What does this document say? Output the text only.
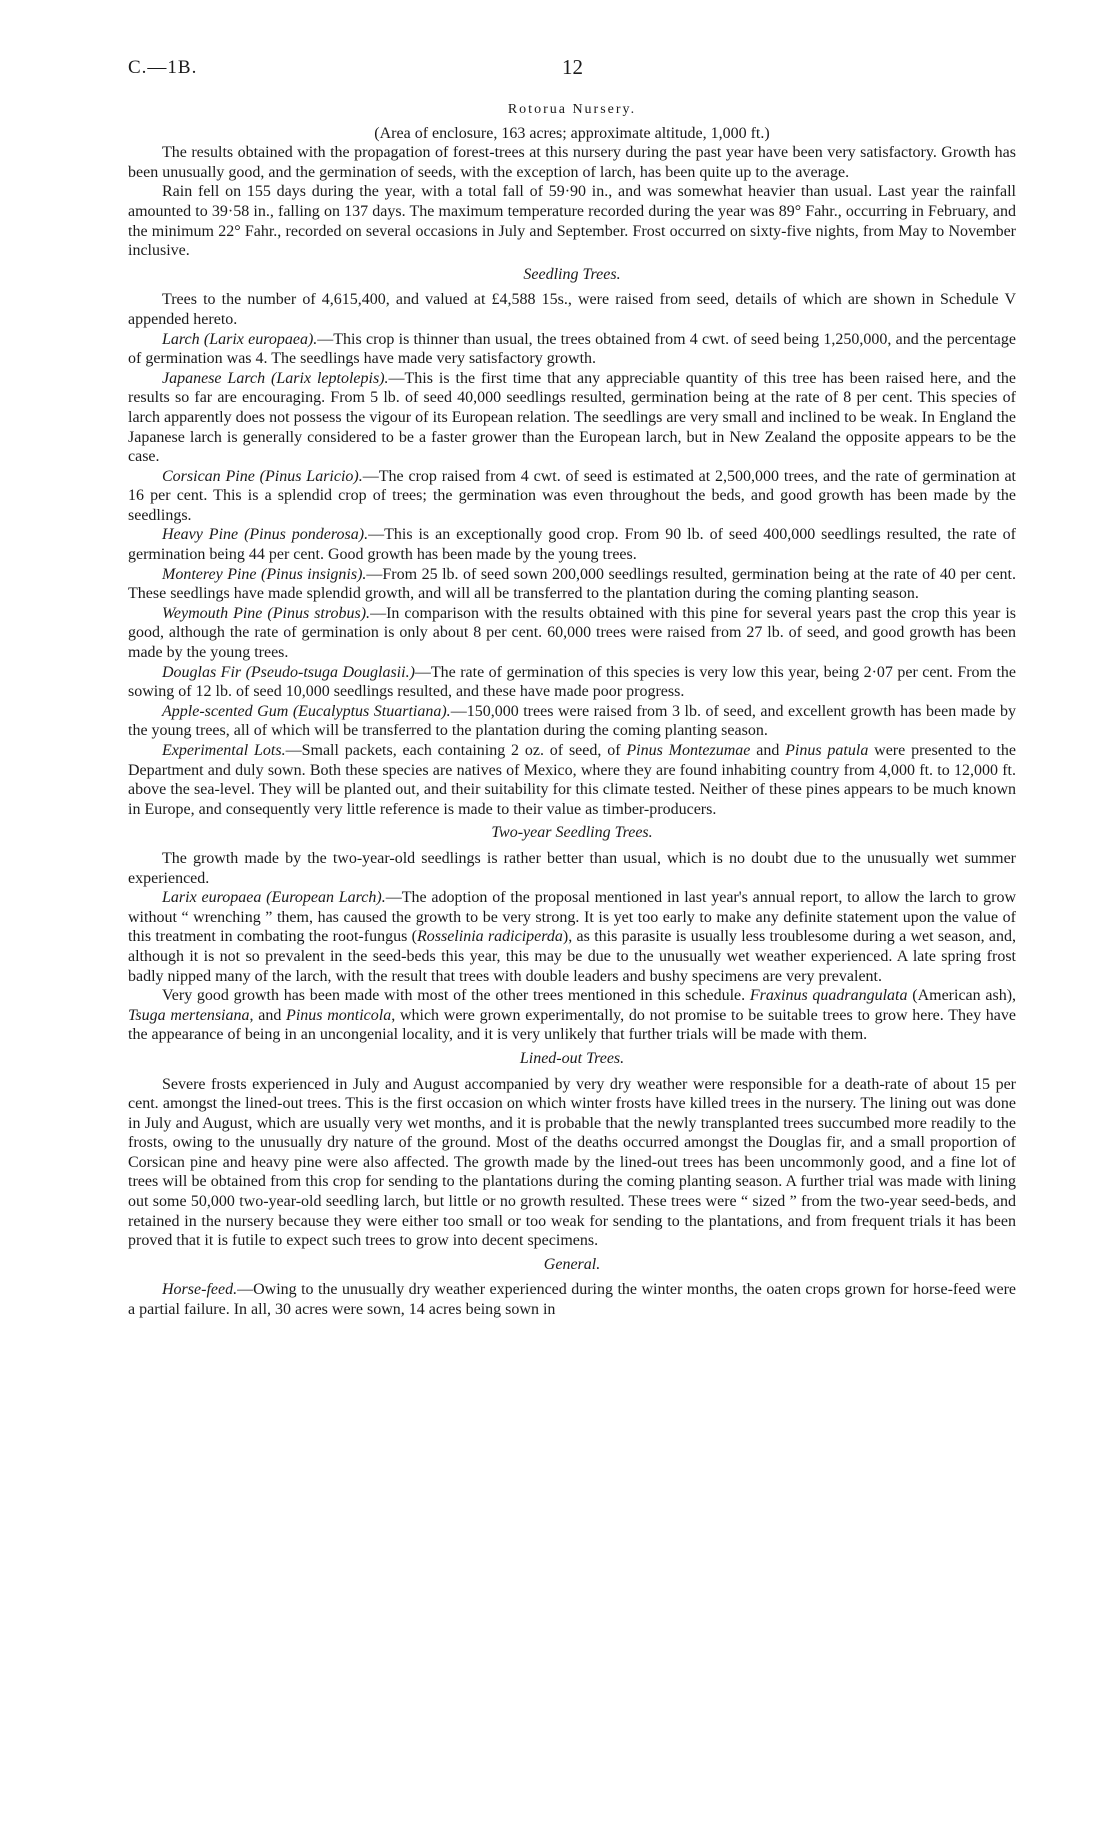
C.—1B.	12
Rotorua Nursery.
(Area of enclosure, 163 acres; approximate altitude, 1,000 ft.)

The results obtained with the propagation of forest-trees at this nursery during the past year have been very satisfactory. Growth has been unusually good, and the germination of seeds, with the exception of larch, has been quite up to the average.

Rain fell on 155 days during the year, with a total fall of 59·90 in., and was somewhat heavier than usual. Last year the rainfall amounted to 39·58 in., falling on 137 days. The maximum temperature recorded during the year was 89° Fahr., occurring in February, and the minimum 22° Fahr., recorded on several occasions in July and September. Frost occurred on sixty-five nights, from May to November inclusive.

Seedling Trees.

Trees to the number of 4,615,400, and valued at £4,588 15s., were raised from seed, details of which are shown in Schedule V appended hereto.

Larch (Larix europaea).—This crop is thinner than usual, the trees obtained from 4 cwt. of seed being 1,250,000, and the percentage of germination was 4. The seedlings have made very satisfactory growth.

Japanese Larch (Larix leptolepis).—This is the first time that any appreciable quantity of this tree has been raised here, and the results so far are encouraging. From 5 lb. of seed 40,000 seedlings resulted, germination being at the rate of 8 per cent. This species of larch apparently does not possess the vigour of its European relation. The seedlings are very small and inclined to be weak. In England the Japanese larch is generally considered to be a faster grower than the European larch, but in New Zealand the opposite appears to be the case.

Corsican Pine (Pinus Laricio).—The crop raised from 4 cwt. of seed is estimated at 2,500,000 trees, and the rate of germination at 16 per cent. This is a splendid crop of trees; the germination was even throughout the beds, and good growth has been made by the seedlings.

Heavy Pine (Pinus ponderosa).—This is an exceptionally good crop. From 90 lb. of seed 400,000 seedlings resulted, the rate of germination being 44 per cent. Good growth has been made by the young trees.

Monterey Pine (Pinus insignis).—From 25 lb. of seed sown 200,000 seedlings resulted, germination being at the rate of 40 per cent. These seedlings have made splendid growth, and will all be transferred to the plantation during the coming planting season.

Weymouth Pine (Pinus strobus).—In comparison with the results obtained with this pine for several years past the crop this year is good, although the rate of germination is only about 8 per cent. 60,000 trees were raised from 27 lb. of seed, and good growth has been made by the young trees.

Douglas Fir (Pseudo-tsuga Douglasii.)—The rate of germination of this species is very low this year, being 2·07 per cent. From the sowing of 12 lb. of seed 10,000 seedlings resulted, and these have made poor progress.

Apple-scented Gum (Eucalyptus Stuartiana).—150,000 trees were raised from 3 lb. of seed, and excellent growth has been made by the young trees, all of which will be transferred to the plantation during the coming planting season.

Experimental Lots.—Small packets, each containing 2 oz. of seed, of Pinus Montezumae and Pinus patula were presented to the Department and duly sown. Both these species are natives of Mexico, where they are found inhabiting country from 4,000 ft. to 12,000 ft. above the sea-level. They will be planted out, and their suitability for this climate tested. Neither of these pines appears to be much known in Europe, and consequently very little reference is made to their value as timber-producers.

Two-year Seedling Trees.

The growth made by the two-year-old seedlings is rather better than usual, which is no doubt due to the unusually wet summer experienced.

Larix europaea (European Larch).—The adoption of the proposal mentioned in last year's annual report, to allow the larch to grow without “ wrenching ” them, has caused the growth to be very strong. It is yet too early to make any definite statement upon the value of this treatment in combating the root-fungus (Rosselinia radiciperda), as this parasite is usually less troublesome during a wet season, and, although it is not so prevalent in the seed-beds this year, this may be due to the unusually wet weather experienced. A late spring frost badly nipped many of the larch, with the result that trees with double leaders and bushy specimens are very prevalent.

Very good growth has been made with most of the other trees mentioned in this schedule. Fraxinus quadrangulata (American ash), Tsuga mertensiana, and Pinus monticola, which were grown experimentally, do not promise to be suitable trees to grow here. They have the appearance of being in an uncongenial locality, and it is very unlikely that further trials will be made with them.

Lined-out Trees.

Severe frosts experienced in July and August accompanied by very dry weather were responsible for a death-rate of about 15 per cent. amongst the lined-out trees. This is the first occasion on which winter frosts have killed trees in the nursery. The lining out was done in July and August, which are usually very wet months, and it is probable that the newly transplanted trees succumbed more readily to the frosts, owing to the unusually dry nature of the ground. Most of the deaths occurred amongst the Douglas fir, and a small proportion of Corsican pine and heavy pine were also affected. The growth made by the lined-out trees has been uncommonly good, and a fine lot of trees will be obtained from this crop for sending to the plantations during the coming planting season. A further trial was made with lining out some 50,000 two-year-old seedling larch, but little or no growth resulted. These trees were “ sized ” from the two-year seed-beds, and retained in the nursery because they were either too small or too weak for sending to the plantations, and from frequent trials it has been proved that it is futile to expect such trees to grow into decent specimens.

General.

Horse-feed.—Owing to the unusually dry weather experienced during the winter months, the oaten crops grown for horse-feed were a partial failure. In all, 30 acres were sown, 14 acres being sown in
